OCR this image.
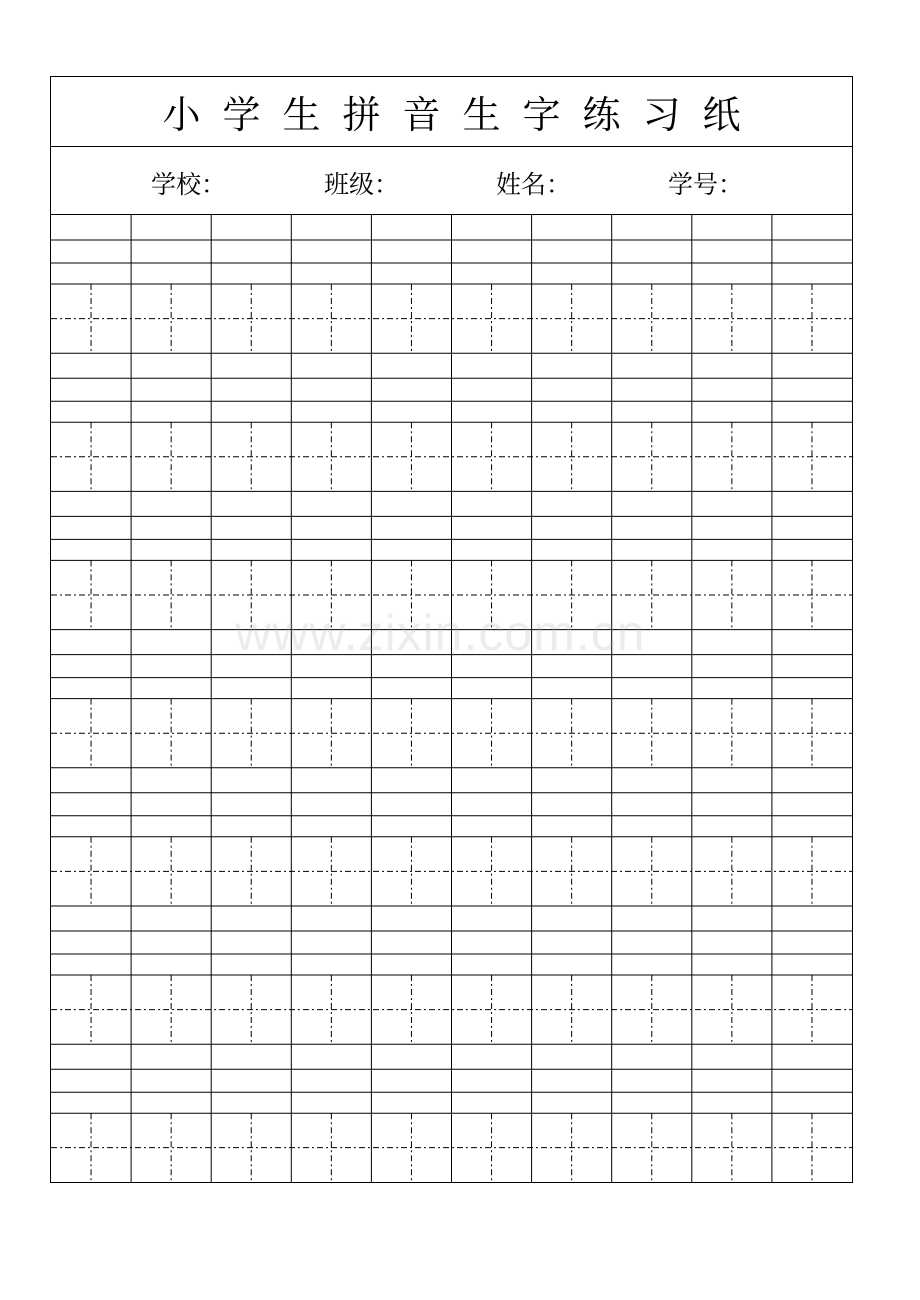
小学生拼音生字练习纸
学校：	班级：	姓名：	学号：
www.zixin.com.cn
